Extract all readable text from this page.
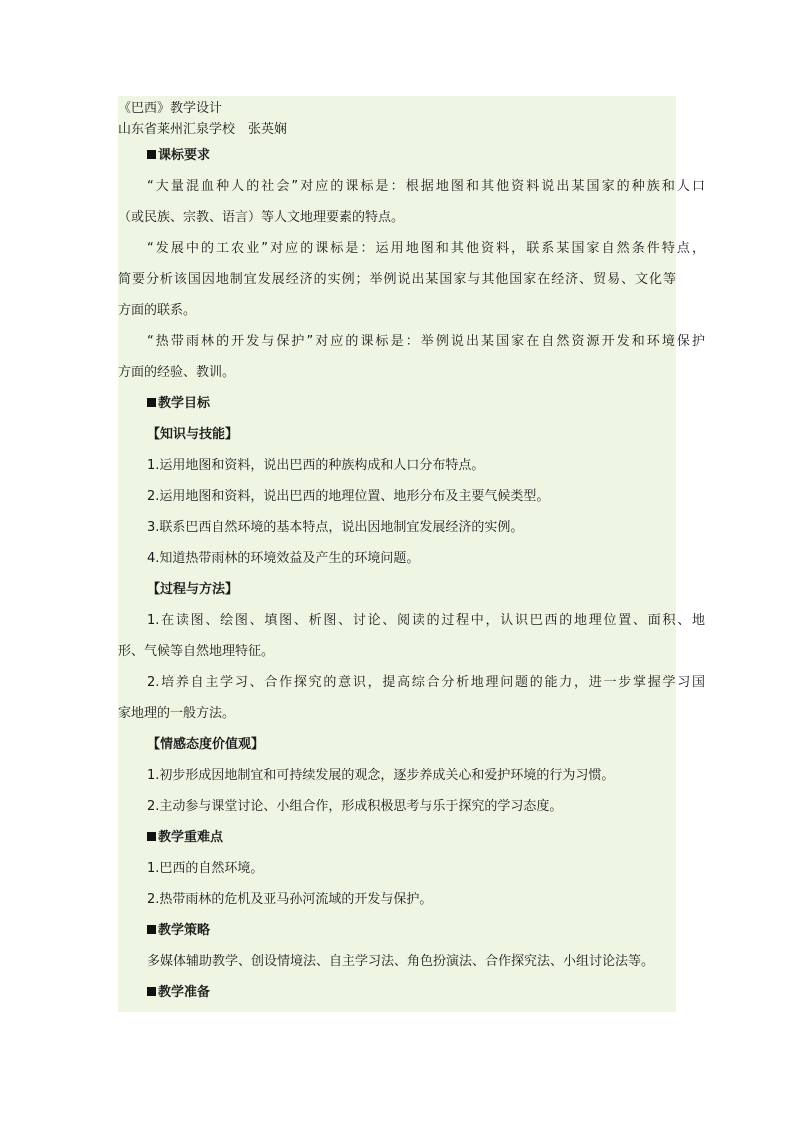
《巴西》教学设计
山东省莱州汇泉学校　张英娴
课标要求
“大量混血种人的社会”对应的课标是：根据地图和其他资料说出某国家的种族和人口
（或民族、宗教、语言）等人文地理要素的特点。
“发展中的工农业”对应的课标是：运用地图和其他资料，联系某国家自然条件特点，
简要分析该国因地制宜发展经济的实例；举例说出某国家与其他国家在经济、贸易、文化等
方面的联系。
“热带雨林的开发与保护”对应的课标是：举例说出某国家在自然资源开发和环境保护
方面的经验、教训。
教学目标
【知识与技能】
1.运用地图和资料，说出巴西的种族构成和人口分布特点。
2.运用地图和资料，说出巴西的地理位置、地形分布及主要气候类型。
3.联系巴西自然环境的基本特点，说出因地制宜发展经济的实例。
4.知道热带雨林的环境效益及产生的环境问题。
【过程与方法】
1.在读图、绘图、填图、析图、讨论、阅读的过程中，认识巴西的地理位置、面积、地
形、气候等自然地理特征。
2.培养自主学习、合作探究的意识，提高综合分析地理问题的能力，进一步掌握学习国
家地理的一般方法。
【情感态度价值观】
1.初步形成因地制宜和可持续发展的观念，逐步养成关心和爱护环境的行为习惯。
2.主动参与课堂讨论、小组合作，形成积极思考与乐于探究的学习态度。
教学重难点
1.巴西的自然环境。
2.热带雨林的危机及亚马孙河流域的开发与保护。
教学策略
多媒体辅助教学、创设情境法、自主学习法、角色扮演法、合作探究法、小组讨论法等。
教学准备
